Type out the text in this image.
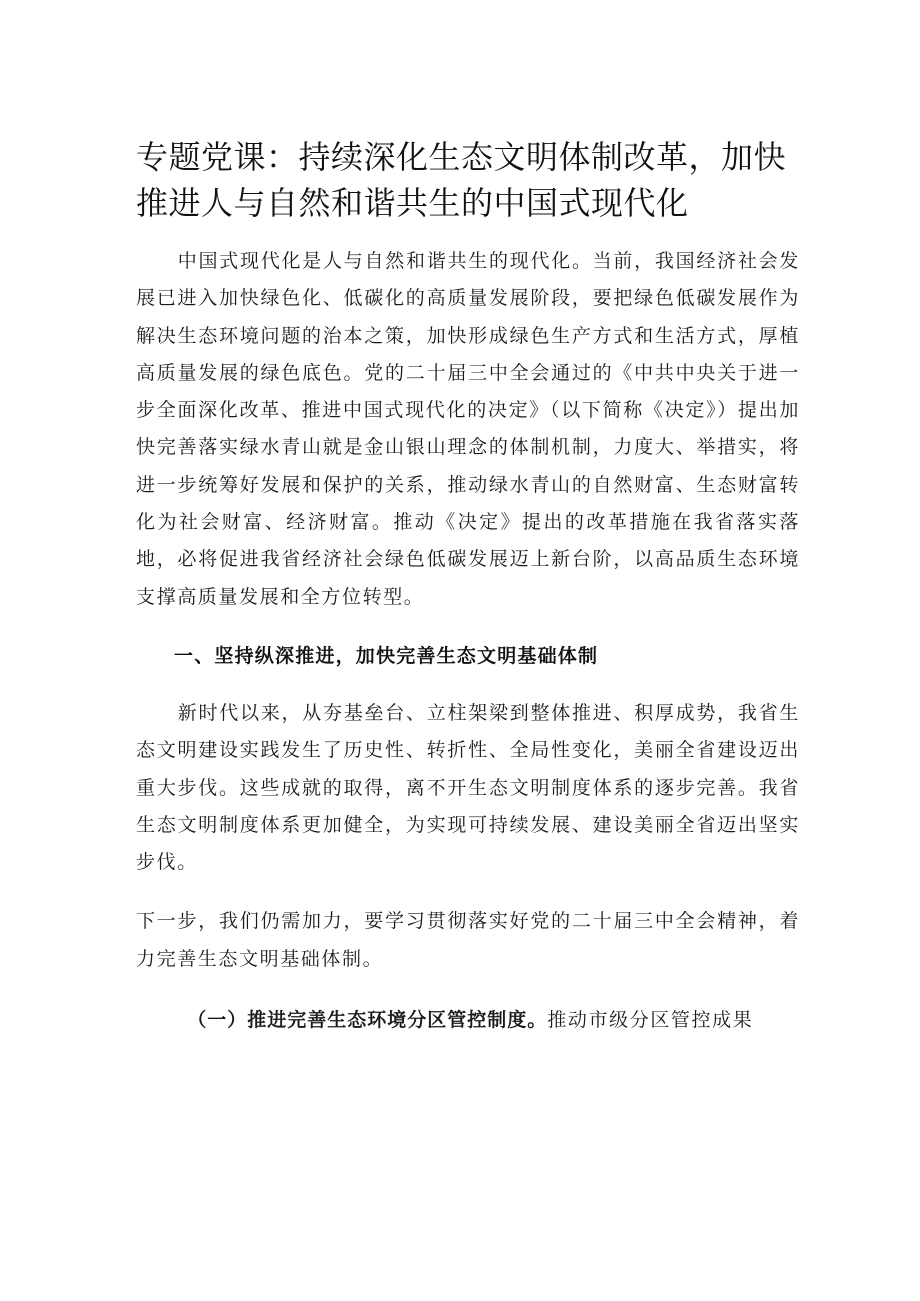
专题党课：持续深化生态文明体制改革，加快
推进人与自然和谐共生的中国式现代化

中国式现代化是人与自然和谐共生的现代化。当前，我国经济社会发展已进入加快绿色化、低碳化的高质量发展阶段，要把绿色低碳发展作为解决生态环境问题的治本之策，加快形成绿色生产方式和生活方式，厚植高质量发展的绿色底色。党的二十届三中全会通过的《中共中央关于进一步全面深化改革、推进中国式现代化的决定》（以下简称《决定》）提出加快完善落实绿水青山就是金山银山理念的体制机制，力度大、举措实，将进一步统筹好发展和保护的关系，推动绿水青山的自然财富、生态财富转化为社会财富、经济财富。推动《决定》提出的改革措施在我省落实落地，必将促进我省经济社会绿色低碳发展迈上新台阶，以高品质生态环境支撑高质量发展和全方位转型。

一、坚持纵深推进，加快完善生态文明基础体制

新时代以来，从夯基垒台、立柱架梁到整体推进、积厚成势，我省生态文明建设实践发生了历史性、转折性、全局性变化，美丽全省建设迈出重大步伐。这些成就的取得，离不开生态文明制度体系的逐步完善。我省生态文明制度体系更加健全，为实现可持续发展、建设美丽全省迈出坚实步伐。

下一步，我们仍需加力，要学习贯彻落实好党的二十届三中全会精神，着力完善生态文明基础体制。

（一）推进完善生态环境分区管控制度。推动市级分区管控成果
